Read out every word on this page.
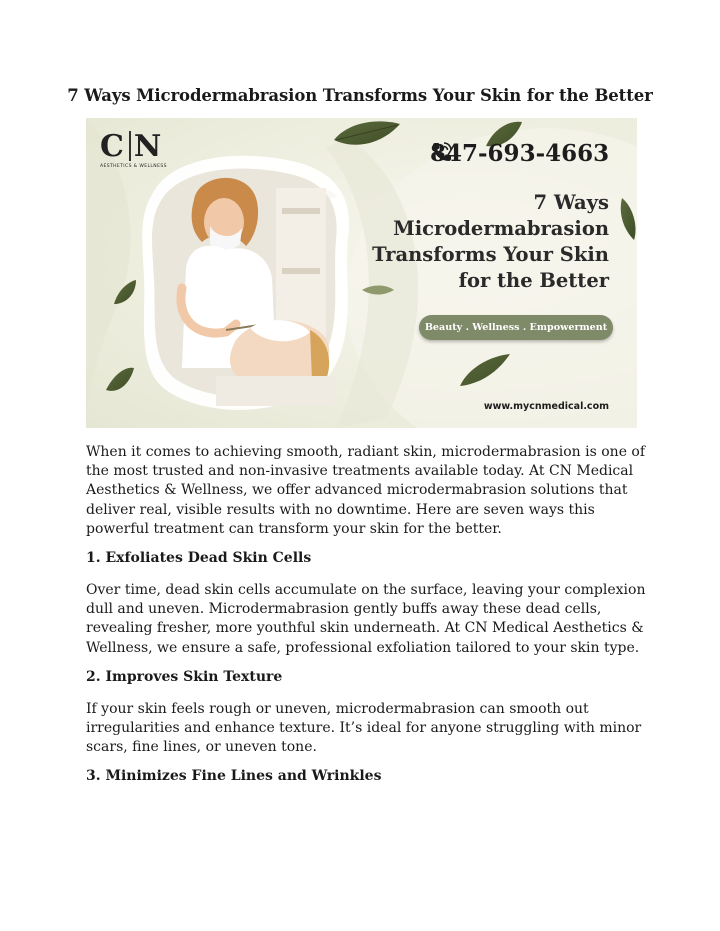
7 Ways Microdermabrasion Transforms Your Skin for the Better
C N
AESTHETICS & WELLNESS	847-693-4663
7 Ways
Microdermabrasion
Transforms Your Skin
for the Better
Beauty . Wellness . Empowerment
www.mycnmedical.com

When it comes to achieving smooth, radiant skin, microdermabrasion is one of the most trusted and non-invasive treatments available today. At CN Medical Aesthetics & Wellness, we offer advanced microdermabrasion solutions that deliver real, visible results with no downtime. Here are seven ways this powerful treatment can transform your skin for the better.

1. Exfoliates Dead Skin Cells

Over time, dead skin cells accumulate on the surface, leaving your complexion dull and uneven. Microdermabrasion gently buffs away these dead cells, revealing fresher, more youthful skin underneath. At CN Medical Aesthetics & Wellness, we ensure a safe, professional exfoliation tailored to your skin type.

2. Improves Skin Texture

If your skin feels rough or uneven, microdermabrasion can smooth out irregularities and enhance texture. It’s ideal for anyone struggling with minor scars, fine lines, or uneven tone.

3. Minimizes Fine Lines and Wrinkles
